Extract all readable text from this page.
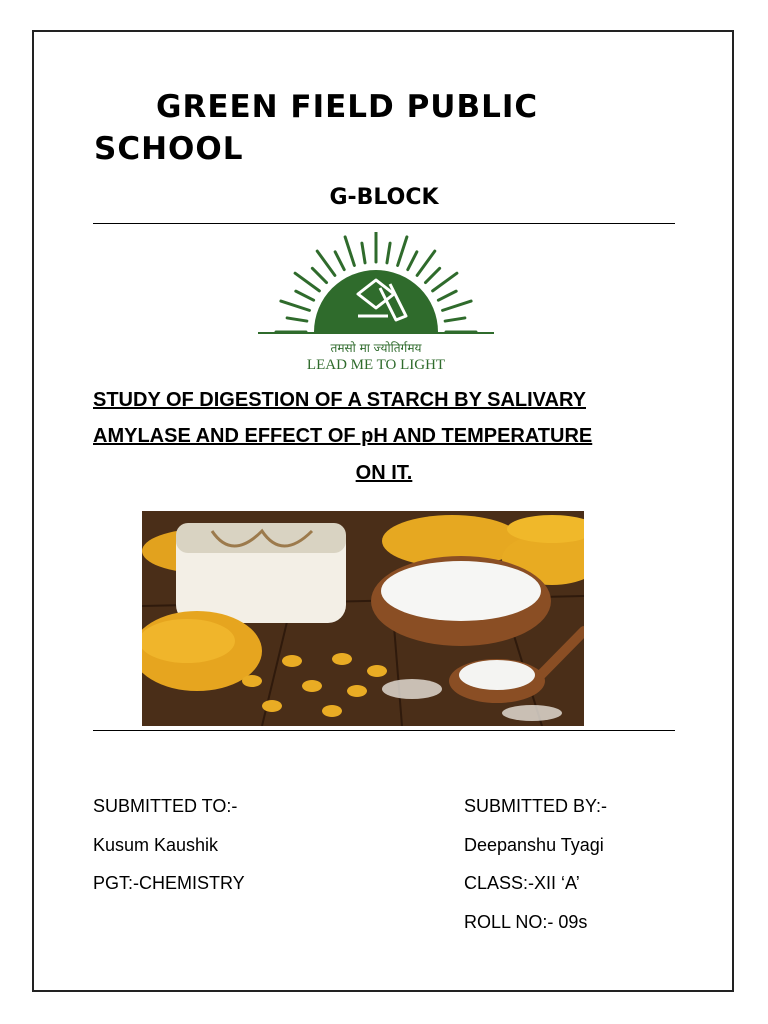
GREEN FIELD PUBLIC SCHOOL
G-BLOCK
तमसो मा ज्योतिर्गमय
LEAD ME TO LIGHT

STUDY OF DIGESTION OF A STARCH BY SALIVARY
AMYLASE AND EFFECT OF pH AND TEMPERATURE

ON IT.

SUBMITTED TO:-
Kusum Kaushik
PGT:-CHEMISTRY
SUBMITTED BY:-
Deepanshu Tyagi
CLASS:-XII ‘A’
ROLL NO:- 09s
